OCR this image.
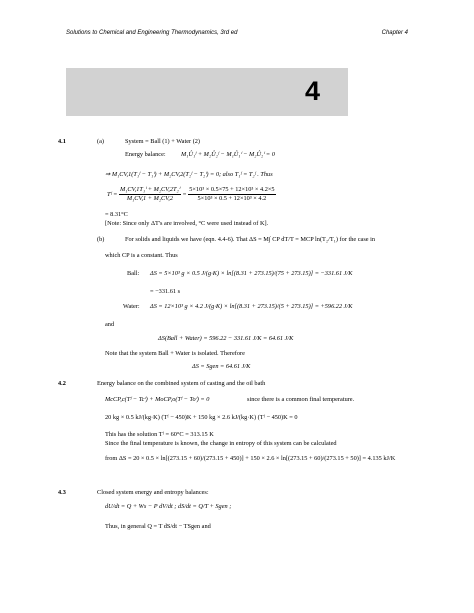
Solutions to Chemical and Engineering Thermodynamics, 3rd ed	Chapter 4
4
4.1	(a)	System = Ball (1) + Water (2)
Energy balance: M₁Û₁ᶠ + M₂Û₂ᶠ − M₁Û₁ⁱ − M₂Û₂ⁱ = 0
⇒ M₁CV,1(T₁ᶠ − T₁ⁱ) + M₂CV,2(T₂ᶠ − T₂ⁱ) = 0; also T₁ᶠ = T₂ᶠ . Thus
Tᶠ = $\frac{\text{M₁CV,1T₁ⁱ + M₂CV,2T₂ⁱ}}{\text{M₁CV,1 + M₂CV,2}} = \frac{\text{5×10³ × 0.5×75 + 12×10³ × 4.2×5}}{\text{5×10³ × 0.5 + 12×10³ × 4.2}}$
= 8.31°C
[Note: Since only ΔT's are involved, °C were used instead of K].
(b)	For solids and liquids we have (eqn. 4.4-6). That ΔS = M∫ CP dT/T = MCP ln(T₂/T₁) for the case in
which CP is a constant. Thus
Ball: ΔS = 5×10³ g × 0.5 J/(g·K) × ln[(8.31 + 273.15)/(75 + 273.15)] = −331.61 J/K
= −331.61 s
Water: ΔS = 12×10³ g × 4.2 J/(g·K) × ln[(8.31 + 273.15)/(5 + 273.15)] = +596.22 J/K
and
ΔS(Ball + Water) = 596.22 − 331.61 J/K = 64.61 J/K
Note that the system Ball + Water is isolated. Therefore
ΔS = Sgen = 64.61 J/K
4.2	Energy balance on the combined system of casting and the oil bath
McCP,c(Tᶠ − Tcⁱ) + MoCP,o(Tᶠ − Toⁱ) = 0	since there is a common final temperature.
20 kg × 0.5 kJ/(kg·K) (Tᶠ − 450)K + 150 kg × 2.6 kJ/(kg·K) (Tᶠ − 450)K = 0
This has the solution Tᶠ = 60°C = 313.15 K
Since the final temperature is known, the change in entropy of this system can be calculated
from ΔS = 20 × 0.5 × ln[(273.15 + 60)/(273.15 + 450)] + 150 × 2.6 × ln[(273.15 + 60)/(273.15 + 50)] = 4.135 kJ/K
4.3	Closed system energy and entropy balances:
dU/dt = Q + Ws − P dV/dt ; dS/dt = Q/T + Sgen ;
Thus, in general Q = T dS/dt − TSgen and
